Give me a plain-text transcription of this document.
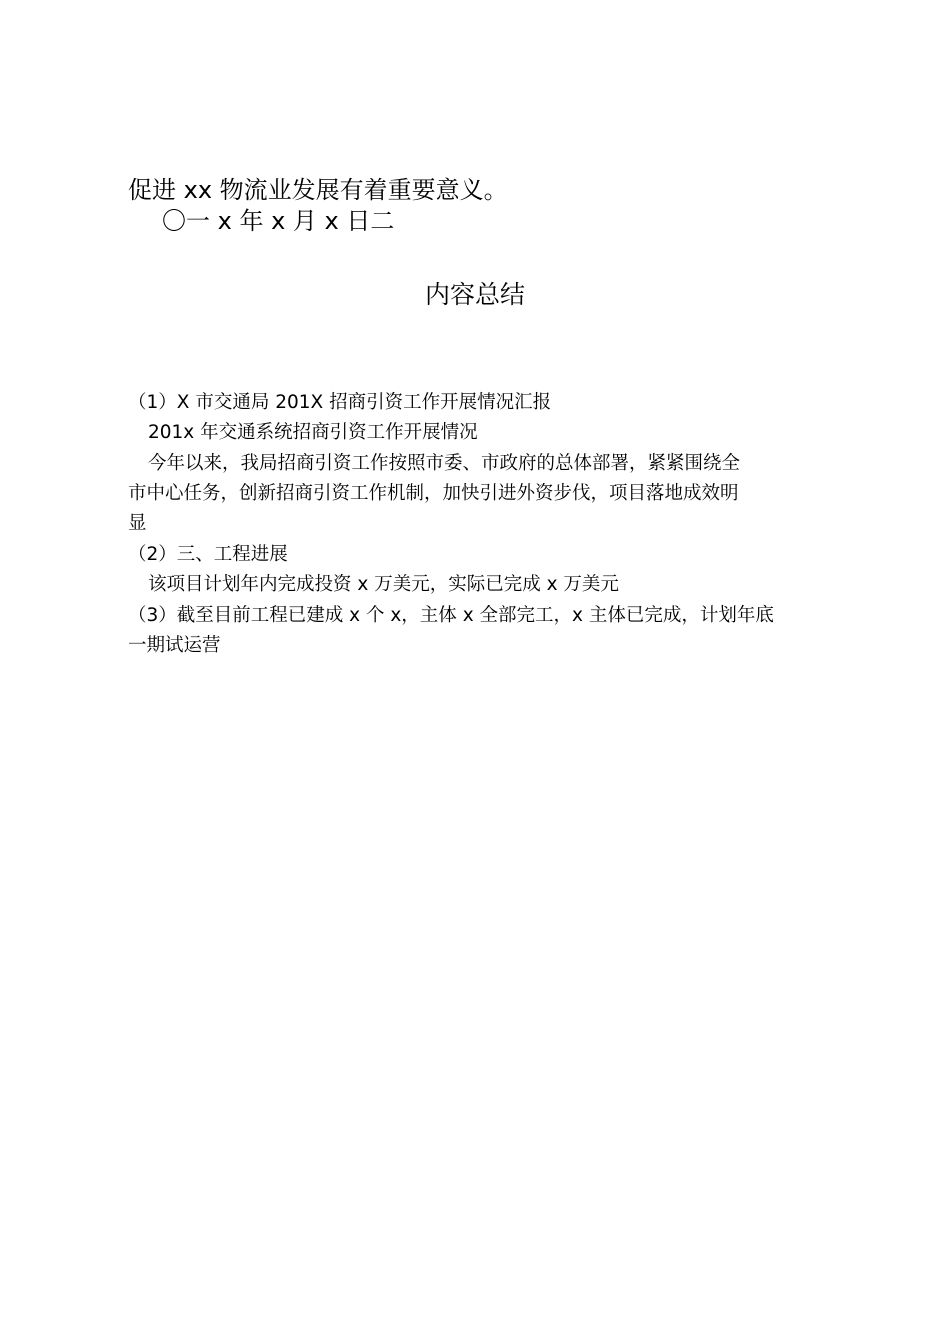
促进 xx 物流业发展有着重要意义。

〇一 x 年 x 月 x 日二

内容总结

（1）X 市交通局 201X 招商引资工作开展情况汇报

201x 年交通系统招商引资工作开展情况

今年以来，我局招商引资工作按照市委、市政府的总体部署，紧紧围绕全

市中心任务，创新招商引资工作机制，加快引进外资步伐，项目落地成效明

显

（2）三、工程进展

该项目计划年内完成投资 x 万美元，实际已完成 x 万美元

（3）截至目前工程已建成 x 个 x，主体 x 全部完工，x 主体已完成，计划年底

一期试运营
